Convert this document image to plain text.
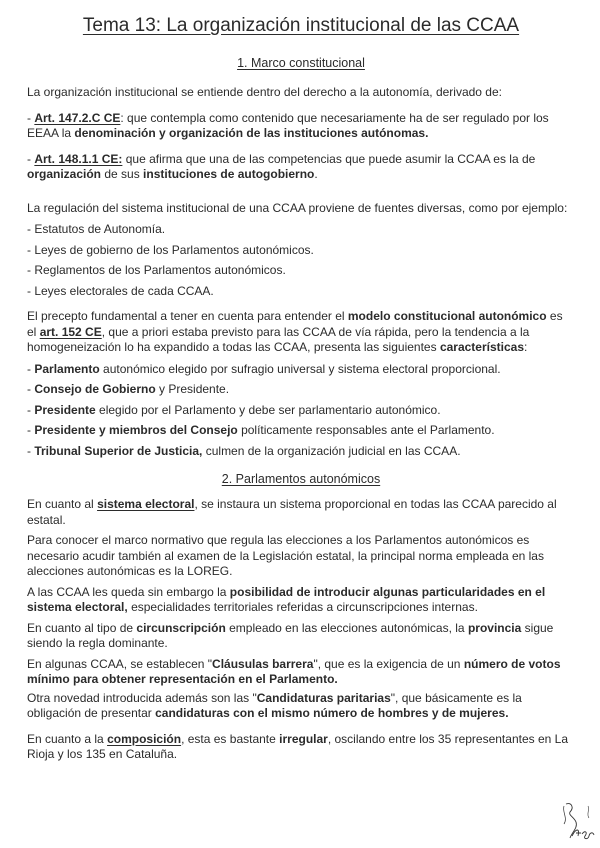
Tema 13: La organización institucional de las CCAA
1. Marco constitucional

La organización institucional se entiende dentro del derecho a la autonomía, derivado de:

- Art. 147.2.C CE: que contempla como contenido que necesariamente ha de ser regulado por los EEAA la denominación y organización de las instituciones autónomas.

- Art. 148.1.1 CE: que afirma que una de las competencias que puede asumir la CCAA es la de organización de sus instituciones de autogobierno.

La regulación del sistema institucional de una CCAA proviene de fuentes diversas, como por ejemplo:

- Estatutos de Autonomía.

- Leyes de gobierno de los Parlamentos autonómicos.

- Reglamentos de los Parlamentos autonómicos.

- Leyes electorales de cada CCAA.

El precepto fundamental a tener en cuenta para entender el modelo constitucional autonómico es el art. 152 CE, que a priori estaba previsto para las CCAA de vía rápida, pero la tendencia a la homogeneización lo ha expandido a todas las CCAA, presenta las siguientes características:

- Parlamento autonómico elegido por sufragio universal y sistema electoral proporcional.

- Consejo de Gobierno y Presidente.

- Presidente elegido por el Parlamento y debe ser parlamentario autonómico.

- Presidente y miembros del Consejo políticamente responsables ante el Parlamento.

- Tribunal Superior de Justicia, culmen de la organización judicial en las CCAA.

2. Parlamentos autonómicos

En cuanto al sistema electoral, se instaura un sistema proporcional en todas las CCAA parecido al estatal.

Para conocer el marco normativo que regula las elecciones a los Parlamentos autonómicos es necesario acudir también al examen de la Legislación estatal, la principal norma empleada en las alecciones autonómicas es la LOREG.

A las CCAA les queda sin embargo la posibilidad de introducir algunas particularidades en el sistema electoral, especialidades territoriales referidas a circunscripciones internas.

En cuanto al tipo de circunscripción empleado en las elecciones autonómicas, la provincia sigue siendo la regla dominante.

En algunas CCAA, se establecen "Cláusulas barrera", que es la exigencia de un número de votos mínimo para obtener representación en el Parlamento.

Otra novedad introducida además son las "Candidaturas paritarias", que básicamente es la obligación de presentar candidaturas con el mismo número de hombres y de mujeres.

En cuanto a la composición, esta es bastante irregular, oscilando entre los 35 representantes en La Rioja y los 135 en Cataluña.
